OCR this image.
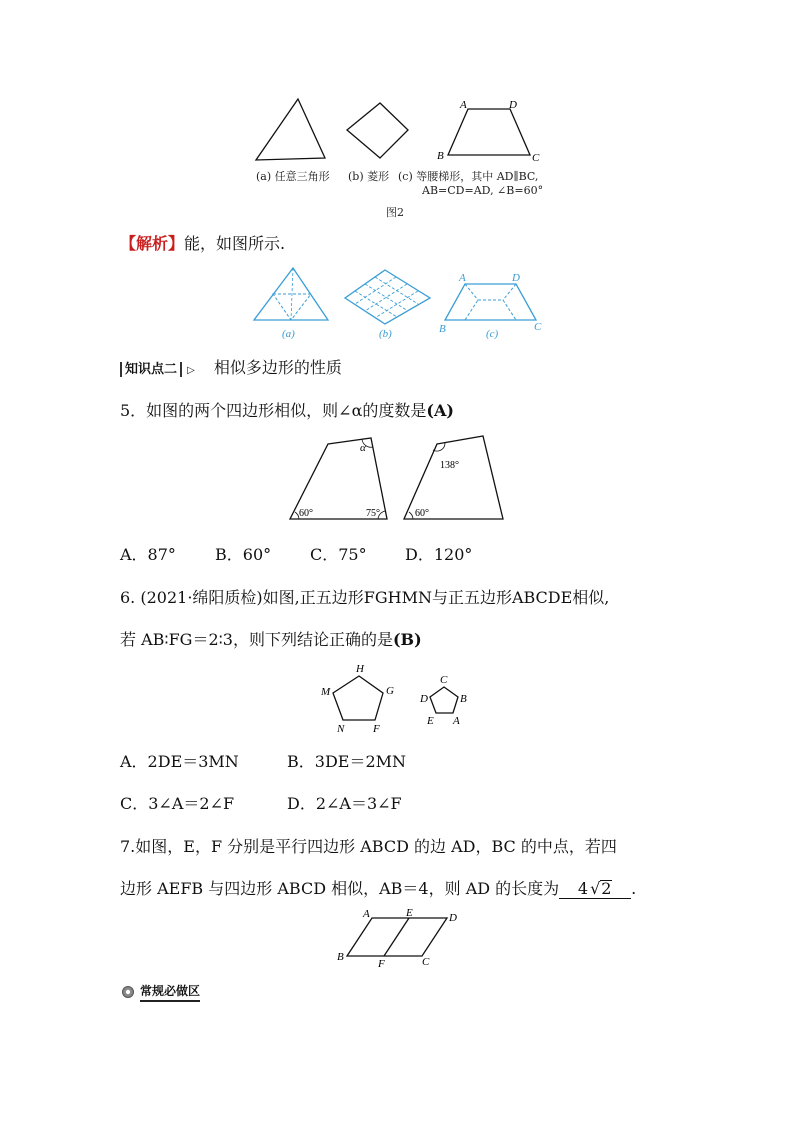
A	D
B	C
(a) 任意三角形 (b) 菱形 (c) 等腰梯形，其中 AD∥BC,
AB=CD=AD, ∠B=60°
图2
【解析】能，如图所示.
(a)	(b)	(c)
A	D
B	C
知识点二 ▷ 相似多边形的性质
5．如图的两个四边形相似，则∠α的度数是(A)
α
60°	75°
138°
60°
A．87° B．60° C．75° D．120°
6. (2021·绵阳质检)如图,正五边形FGHMN与正五边形ABCDE相似,
若 AB∶FG＝2∶3，则下列结论正确的是(B)
H
G
M
N	F
C
D	B
E A
A．2DE＝3MN	B．3DE＝2MN
C．3∠A＝2∠F	D．2∠A＝3∠F
7.如图，E，F 分别是平行四边形 ABCD 的边 AD，BC 的中点，若四
边形 AEFB 与四边形 ABCD 相似，AB＝4，则 AD 的长度为 4 √2 .
A	E	D
B
F	C
常规必做区
